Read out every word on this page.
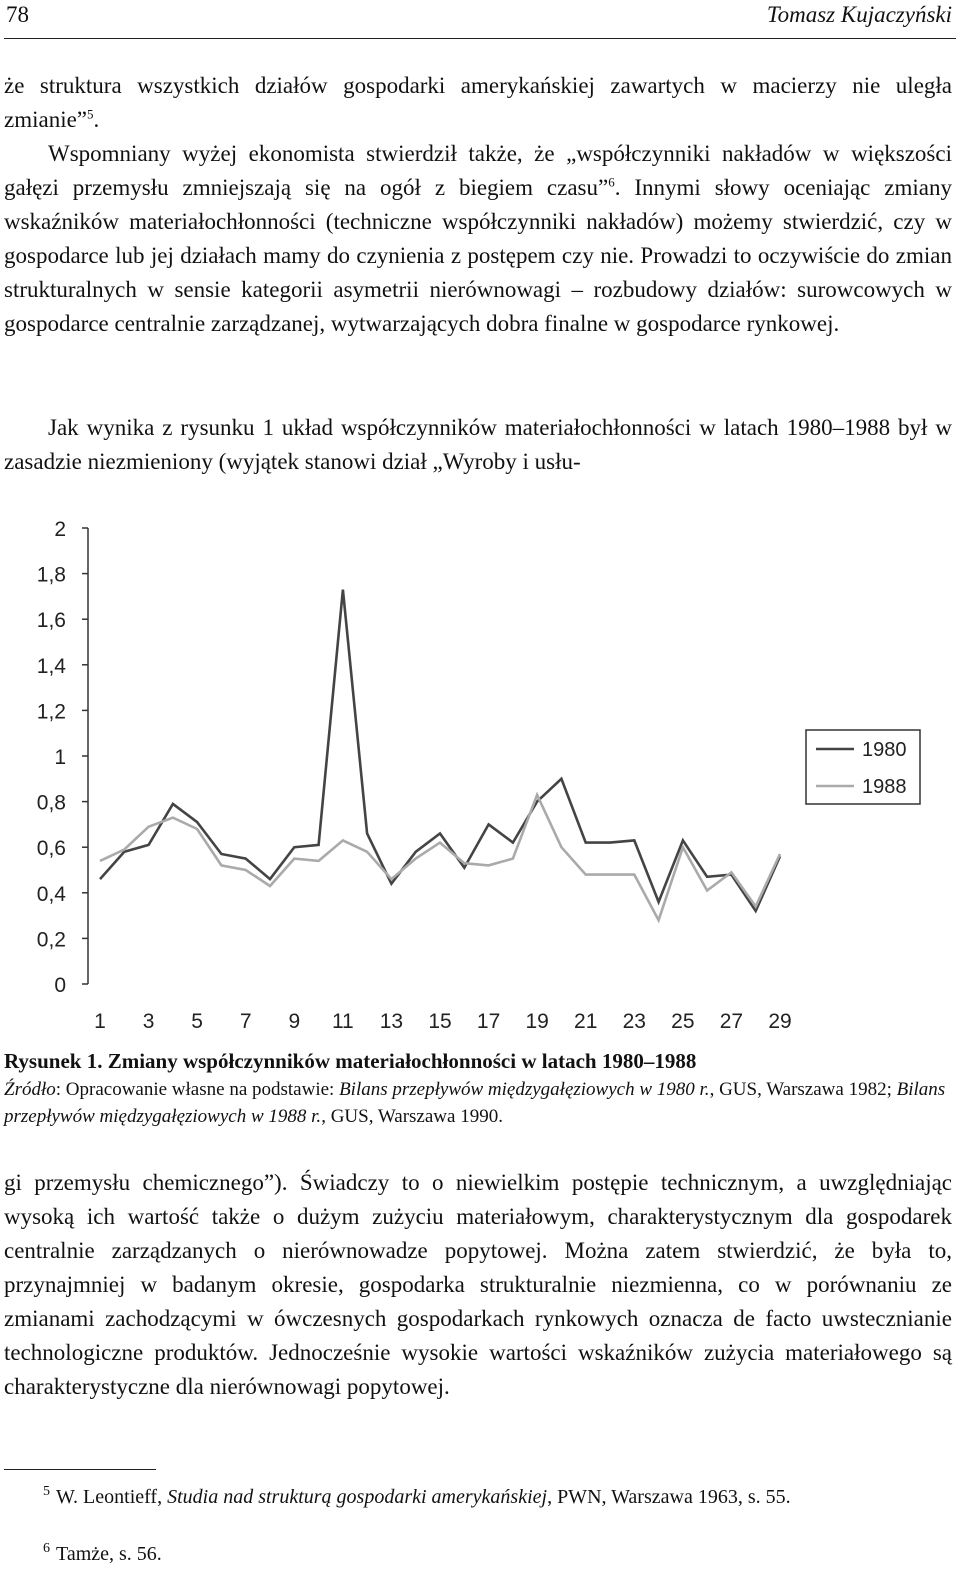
78	Tomasz Kujaczyński

że struktura wszystkich działów gospodarki amerykańskiej zawartych w macierzy nie uległa zmianie”$^5$.

Wspomniany wyżej ekonomista stwierdził także, że „współczynniki nakładów w większości gałęzi przemysłu zmniejszają się na ogół z biegiem czasu”$^6$. Innymi słowy oceniając zmiany wskaźników materiałochłonności (techniczne współczynniki nakładów) możemy stwierdzić, czy w gospodarce lub jej działach mamy do czynienia z postępem czy nie. Prowadzi to oczywiście do zmian strukturalnych w sensie kategorii asymetrii nierównowagi – rozbudowy działów: surowcowych w gospodarce centralnie zarządzanej, wytwarzających dobra finalne w gospodarce rynkowej.

Jak wynika z rysunku 1 układ współczynników materiałochłonności w latach 1980–1988 był w zasadzie niezmieniony (wyjątek stanowi dział „Wyroby i usłu-

0
0,2
0,4
0,6
0,8
1
1,2
1,4
1,6
1,8
2
1 3 5 7 9 11 13 15 17 19 21 23 25 27 29
1980
1988

Rysunek 1. Zmiany współczynników materiałochłonności w latach 1980–1988

Źródło: Opracowanie własne na podstawie: Bilans przepływów międzygałęziowych w 1980 r., GUS, Warszawa 1982; Bilans przepływów międzygałęziowych w 1988 r., GUS, Warszawa 1990.

gi przemysłu chemicznego”). Świadczy to o niewielkim postępie technicznym, a uwzględniając wysoką ich wartość także o dużym zużyciu materiałowym, charakterystycznym dla gospodarek centralnie zarządzanych o nierównowadze popytowej. Można zatem stwierdzić, że była to, przynajmniej w badanym okresie, gospodarka strukturalnie niezmienna, co w porównaniu ze zmianami zachodzącymi w ówczesnych gospodarkach rynkowych oznacza de facto uwstecznianie technologiczne produktów. Jednocześnie wysokie wartości wskaźników zużycia materiałowego są charakterystyczne dla nierównowagi popytowej.

5 W. Leontieff, Studia nad strukturą gospodarki amerykańskiej, PWN, Warszawa 1963, s. 55.

6 Tamże, s. 56.
